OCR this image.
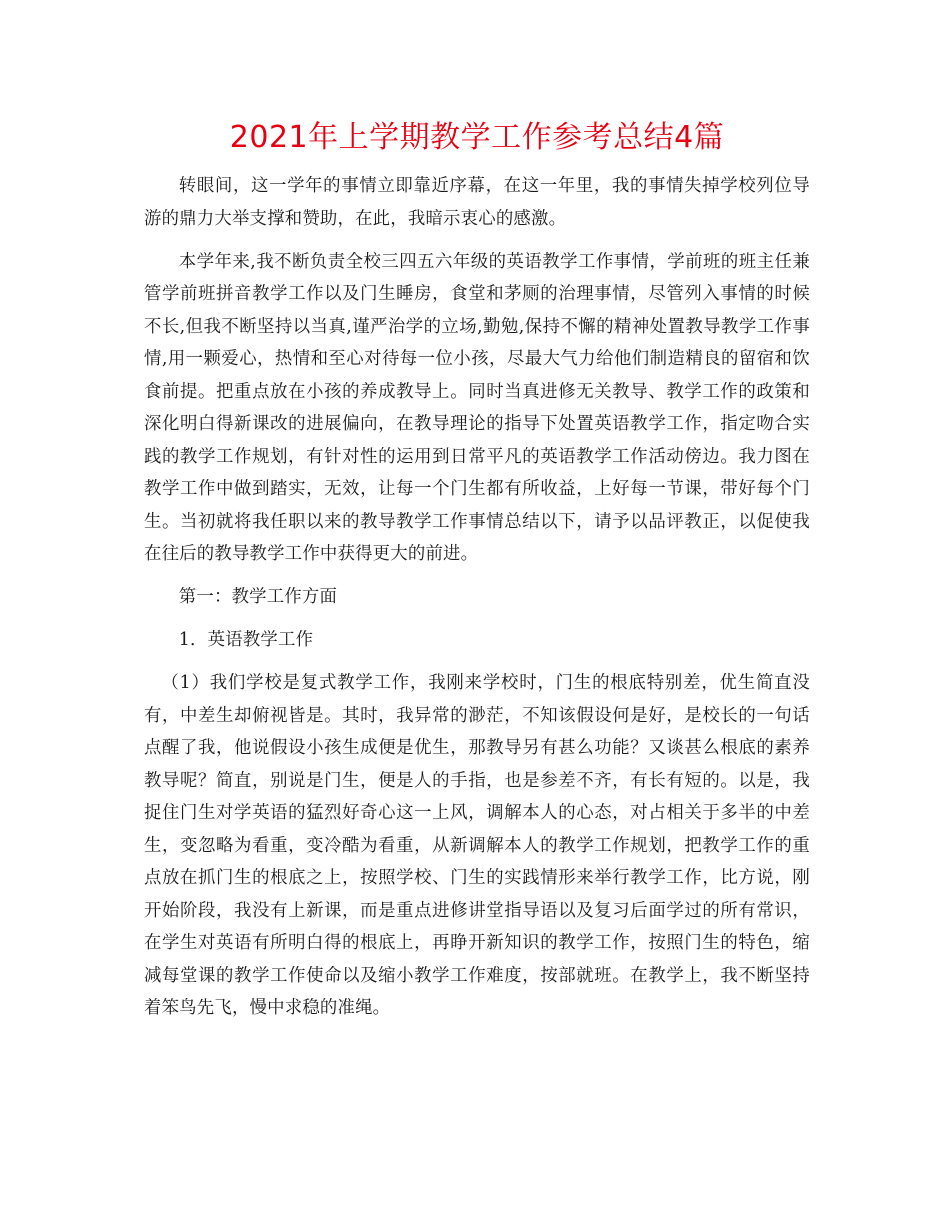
2021年上学期教学工作参考总结4篇

转眼间，这一学年的事情立即靠近序幕，在这一年里，我的事情失掉学校列位导游的鼎力大举支撑和赞助，在此，我暗示衷心的感激。

本学年来,我不断负责全校三四五六年级的英语教学工作事情，学前班的班主任兼管学前班拼音教学工作以及门生睡房，食堂和茅厕的治理事情，尽管列入事情的时候不长,但我不断坚持以当真,谨严治学的立场,勤勉,保持不懈的精神处置教导教学工作事情,用一颗爱心，热情和至心对待每一位小孩，尽最大气力给他们制造精良的留宿和饮食前提。把重点放在小孩的养成教导上。同时当真进修无关教导、教学工作的政策和深化明白得新课改的进展偏向，在教导理论的指导下处置英语教学工作，指定吻合实践的教学工作规划，有针对性的运用到日常平凡的英语教学工作活动傍边。我力图在教学工作中做到踏实，无效，让每一个门生都有所收益，上好每一节课，带好每个门生。当初就将我任职以来的教导教学工作事情总结以下，请予以品评教正，以促使我在往后的教导教学工作中获得更大的前进。

第一：教学工作方面

1．英语教学工作

（1）我们学校是复式教学工作，我刚来学校时，门生的根底特别差，优生简直没有，中差生却俯视皆是。其时，我异常的渺茫，不知该假设何是好，是校长的一句话点醒了我，他说假设小孩生成便是优生，那教导另有甚么功能？又谈甚么根底的素养教导呢？简直，别说是门生，便是人的手指，也是参差不齐，有长有短的。以是，我捉住门生对学英语的猛烈好奇心这一上风，调解本人的心态，对占相关于多半的中差生，变忽略为看重，变冷酷为看重，从新调解本人的教学工作规划，把教学工作的重点放在抓门生的根底之上，按照学校、门生的实践情形来举行教学工作，比方说，刚开始阶段，我没有上新课，而是重点进修讲堂指导语以及复习后面学过的所有常识，在学生对英语有所明白得的根底上，再睁开新知识的教学工作，按照门生的特色，缩减每堂课的教学工作使命以及缩小教学工作难度，按部就班。在教学上，我不断坚持着笨鸟先飞，慢中求稳的准绳。
